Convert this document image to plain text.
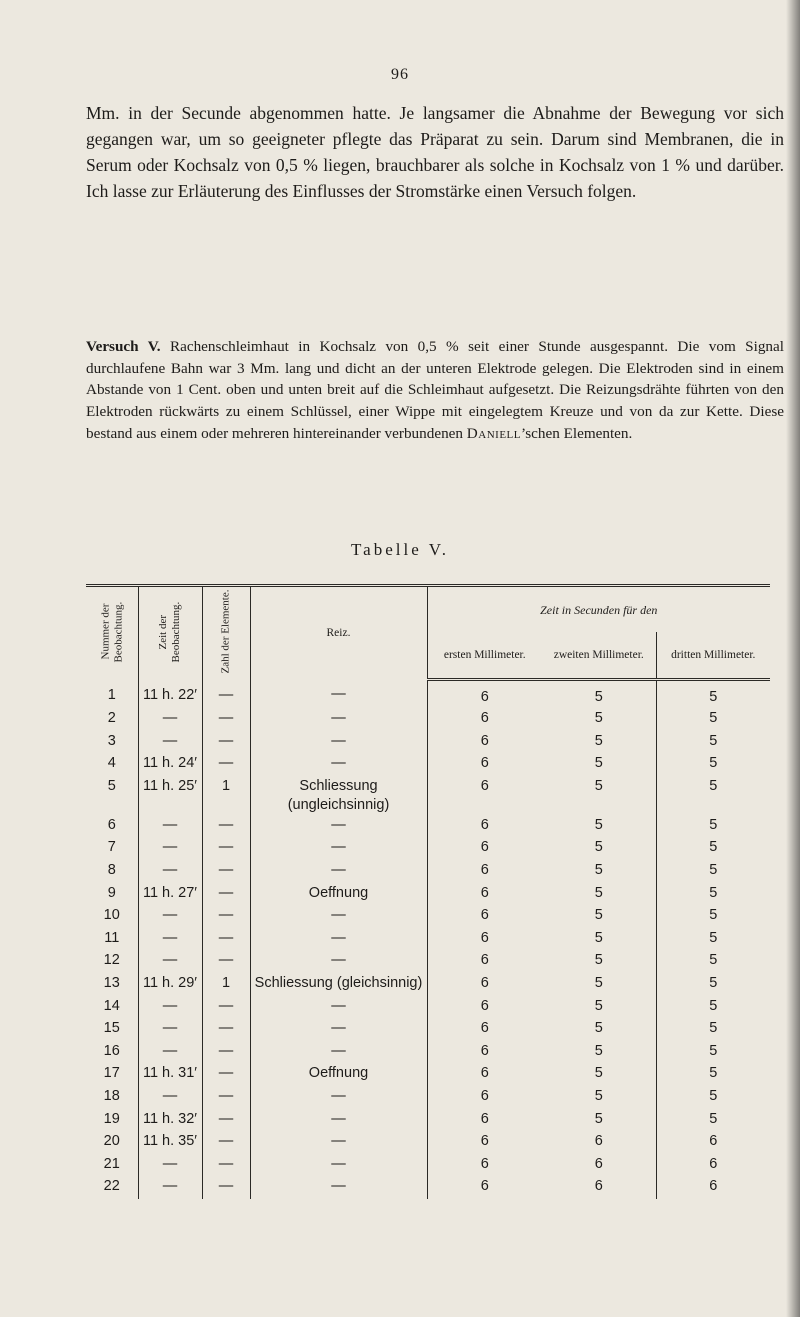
96

Mm. in der Secunde abgenommen hatte. Je langsamer die Abnahme der Bewegung vor sich gegangen war, um so geeigneter pflegte das Präparat zu sein. Darum sind Membranen, die in Serum oder Kochsalz von 0,5 % liegen, brauchbarer als solche in Kochsalz von 1 % und darüber. Ich lasse zur Erläuterung des Einflusses der Stromstärke einen Versuch folgen.

Versuch V. Rachenschleimhaut in Kochsalz von 0,5 % seit einer Stunde ausgespannt. Die vom Signal durchlaufene Bahn war 3 Mm. lang und dicht an der unteren Elektrode gelegen. Die Elektroden sind in einem Abstande von 1 Cent. oben und unten breit auf die Schleimhaut aufgesetzt. Die Reizungsdrähte führten von den Elektroden rückwärts zu einem Schlüssel, einer Wippe mit eingelegtem Kreuze und von da zur Kette. Diese bestand aus einem oder mehreren hintereinander verbundenen Daniell’schen Elementen.

Tabelle V.
Nummer der Beobachtung.	Zeit der Beobachtung.	Zahl der Elemente.	Reiz.	Zeit in Secunden für den		
				ersten Millimeter.	zweiten Millimeter.	dritten Millimeter.
1	11 h. 22′	—	—	6	5	5
2	—	—	—	6	5	5
3	—	—	—	6	5	5
4	11 h. 24′	—	—	6	5	5
5	11 h. 25′	1	Schliessung (ungleichsinnig)	6	5	5
6	—	—	—	6	5	5
7	—	—	—	6	5	5
8	—	—	—	6	5	5
9	11 h. 27′	—	Oeffnung	6	5	5
10	—	—	—	6	5	5
11	—	—	—	6	5	5
12	—	—	—	6	5	5
13	11 h. 29′	1	Schliessung (gleichsinnig)	6	5	5
14	—	—	—	6	5	5
15	—	—	—	6	5	5
16	—	—	—	6	5	5
17	11 h. 31′	—	Oeffnung	6	5	5
18	—	—	—	6	5	5
19	11 h. 32′	—	—	6	5	5
20	11 h. 35′	—	—	6	6	6
21	—	—	—	6	6	6
22	—	—	—	6	6	6
